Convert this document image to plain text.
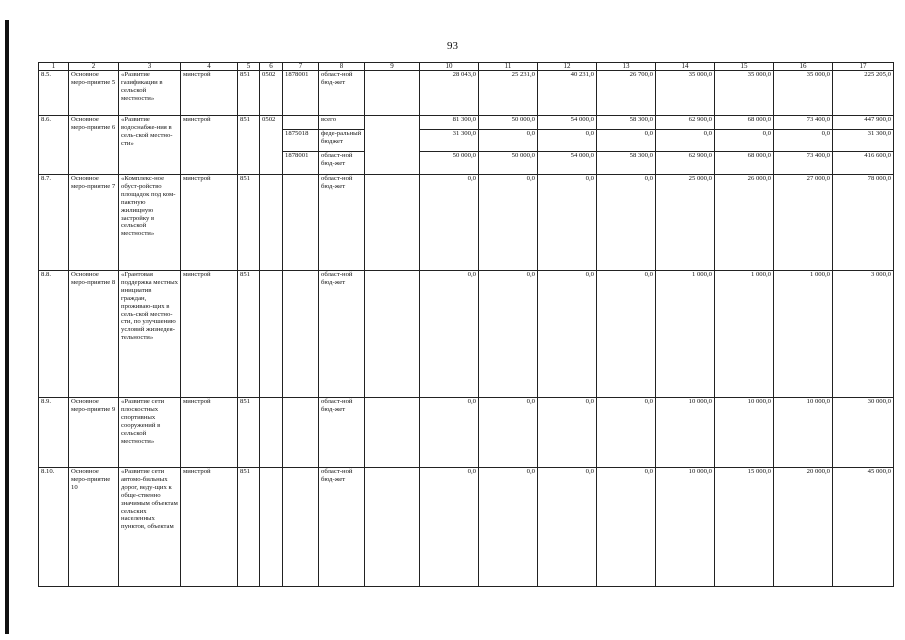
93
1	2	3	4	5	6	7	8	9	10	11	12	13	14	15	16	17
8.5.	Основное меро-приятие 5	«Развитие газификации в сельской местности»	минстрой	851	0502	1878001	област-ной бюд-жет		28 043,0	25 231,0	40 231,0	26 700,0	35 000,0	35 000,0	35 000,0	225 205,0
8.6.	Основное меро-приятие 6	«Развитие водоснабже-ния в сель-ской местно-сти»	минстрой	851	0502		всего		81 300,0	50 000,0	54 000,0	58 300,0	62 900,0	68 000,0	73 400,0	447 900,0
						1875018	феде-ральный бюджет		31 300,0	0,0	0,0	0,0	0,0	0,0	0,0	31 300,0
						1878001	област-ной бюд-жет		50 000,0	50 000,0	54 000,0	58 300,0	62 900,0	68 000,0	73 400,0	416 600,0
8.7.	Основное меро-приятие 7	«Комплекс-ное обуст-ройство площадок под ком-пактную жилищную застройку в сельской местности»	минстрой	851			област-ной бюд-жет		0,0	0,0	0,0	0,0	25 000,0	26 000,0	27 000,0	78 000,0
8.8.	Основное меро-приятие 8	«Грантовая поддержка местных инициатив граждан, проживаю-щих в сель-ской местно-сти, по улучшению условий жизнедея-тельности»	минстрой	851			област-ной бюд-жет		0,0	0,0	0,0	0,0	1 000,0	1 000,0	1 000,0	3 000,0
8.9.	Основное меро-приятие 9	«Развитие сети плоскостных спортивных сооружений в сельской местности»	минстрой	851			област-ной бюд-жет		0,0	0,0	0,0	0,0	10 000,0	10 000,0	10 000,0	30 000,0
8.10.	Основное меро-приятие 10	«Развитие сети автомо-бильных дорог, веду-щих к обще-ственно значимым объектам сельских населенных пунктов, объектам	минстрой	851			област-ной бюд-жет		0,0	0,0	0,0	0,0	10 000,0	15 000,0	20 000,0	45 000,0
